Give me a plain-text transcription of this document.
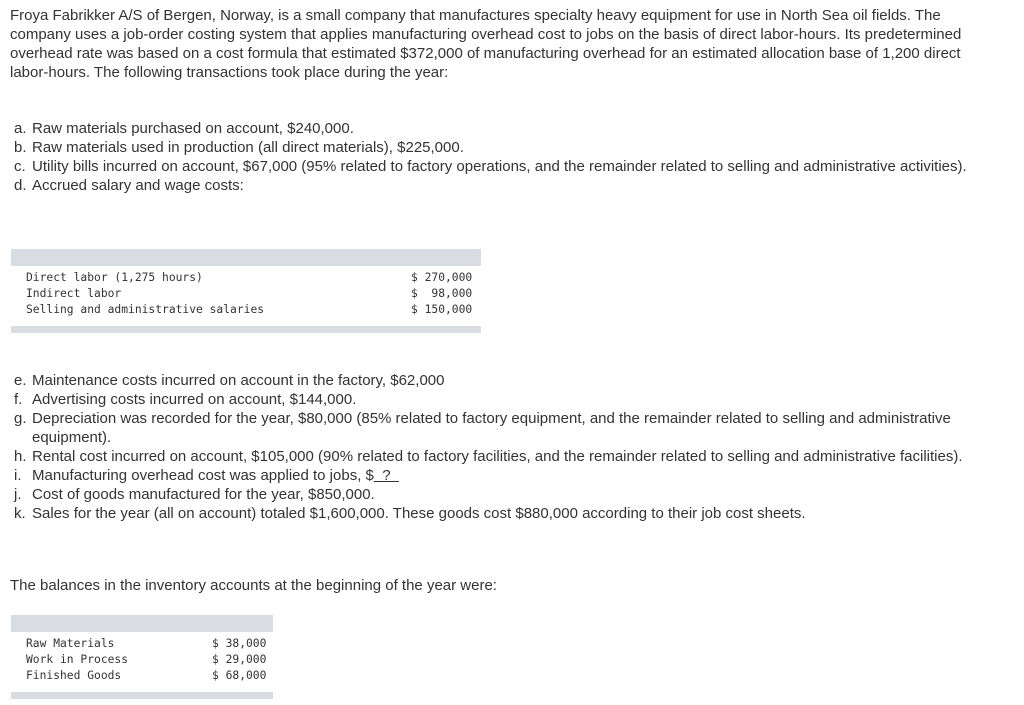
Froya Fabrikker A/S of Bergen, Norway, is a small company that manufactures specialty heavy equipment for use in North Sea oil fields. The company uses a job-order costing system that applies manufacturing overhead cost to jobs on the basis of direct labor-hours. Its predetermined overhead rate was based on a cost formula that estimated $372,000 of manufacturing overhead for an estimated allocation base of 1,200 direct labor-hours. The following transactions took place during the year:

a. Raw materials purchased on account, $240,000.
b. Raw materials used in production (all direct materials), $225,000.
c. Utility bills incurred on account, $67,000 (95% related to factory operations, and the remainder related to selling and administrative activities).
d. Accrued salary and wage costs:
Direct labor (1,275 hours)	$ 270,000
Indirect labor	$  98,000
Selling and administrative salaries	$ 150,000
e. Maintenance costs incurred on account in the factory, $62,000
f. Advertising costs incurred on account, $144,000.
g. Depreciation was recorded for the year, $80,000 (85% related to factory equipment, and the remainder related to selling and administrative equipment).
h. Rental cost incurred on account, $105,000 (90% related to factory facilities, and the remainder related to selling and administrative facilities).
i. Manufacturing overhead cost was applied to jobs, $  ?
j. Cost of goods manufactured for the year, $850,000.
k. Sales for the year (all on account) totaled $1,600,000. These goods cost $880,000 according to their job cost sheets.

The balances in the inventory accounts at the beginning of the year were:

Raw Materials	$ 38,000
Work in Process	$ 29,000
Finished Goods	$ 68,000
